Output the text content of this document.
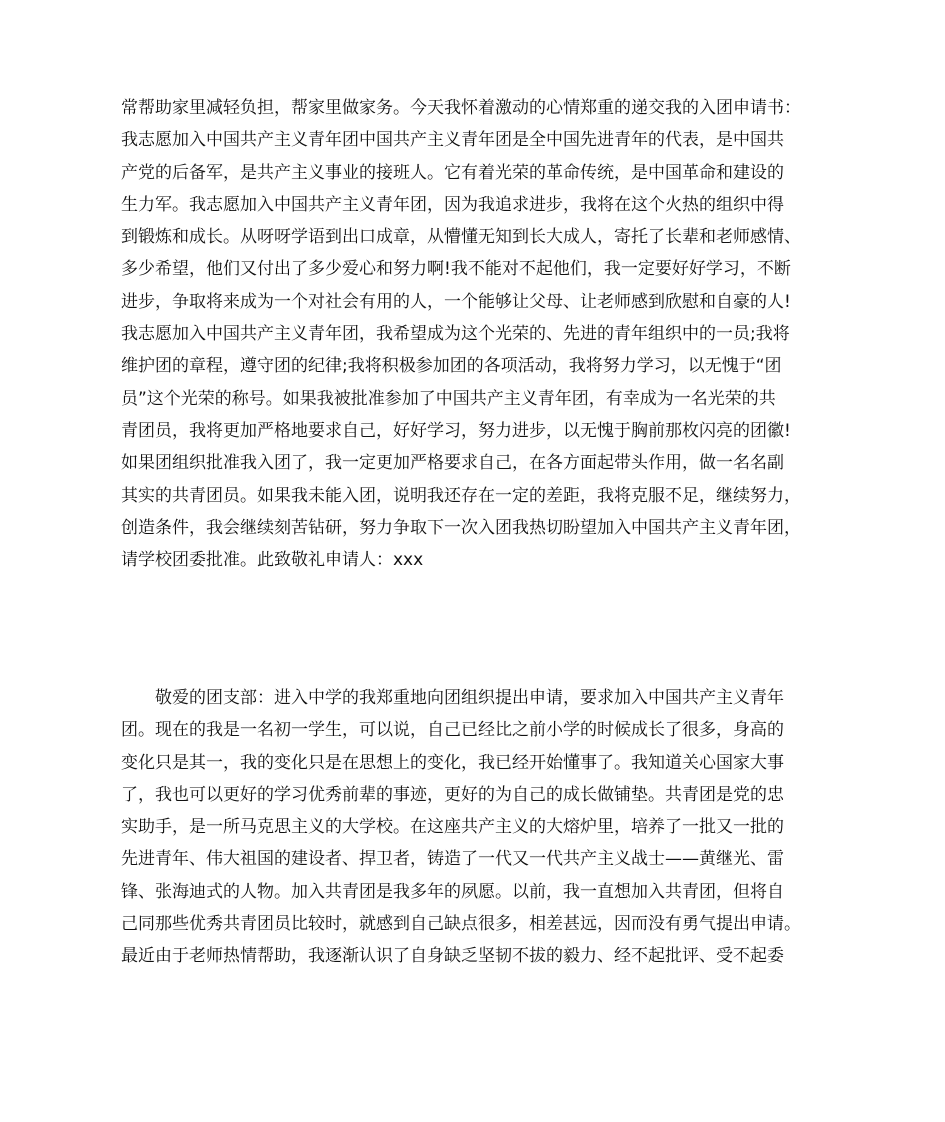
常帮助家里减轻负担，帮家里做家务。今天我怀着激动的心情郑重的递交我的入团申请书：
我志愿加入中国共产主义青年团中国共产主义青年团是全中国先进青年的代表，是中国共
产党的后备军，是共产主义事业的接班人。它有着光荣的革命传统，是中国革命和建设的
生力军。我志愿加入中国共产主义青年团，因为我追求进步，我将在这个火热的组织中得
到锻炼和成长。从呀呀学语到出口成章，从懵懂无知到长大成人，寄托了长辈和老师感情、
多少希望，他们又付出了多少爱心和努力啊!我不能对不起他们，我一定要好好学习，不断
进步，争取将来成为一个对社会有用的人，一个能够让父母、让老师感到欣慰和自豪的人!
我志愿加入中国共产主义青年团，我希望成为这个光荣的、先进的青年组织中的一员;我将
维护团的章程，遵守团的纪律;我将积极参加团的各项活动，我将努力学习，以无愧于“团
员”这个光荣的称号。如果我被批准参加了中国共产主义青年团，有幸成为一名光荣的共
青团员，我将更加严格地要求自己，好好学习，努力进步，以无愧于胸前那枚闪亮的团徽!
如果团组织批准我入团了，我一定更加严格要求自己，在各方面起带头作用，做一名名副
其实的共青团员。如果我未能入团，说明我还存在一定的差距，我将克服不足，继续努力，
创造条件，我会继续刻苦钻研，努力争取下一次入团我热切盼望加入中国共产主义青年团，
请学校团委批准。此致敬礼申请人：xxx
敬爱的团支部：进入中学的我郑重地向团组织提出申请，要求加入中国共产主义青年
团。现在的我是一名初一学生，可以说，自己已经比之前小学的时候成长了很多，身高的
变化只是其一，我的变化只是在思想上的变化，我已经开始懂事了。我知道关心国家大事
了，我也可以更好的学习优秀前辈的事迹，更好的为自己的成长做铺垫。共青团是党的忠
实助手，是一所马克思主义的大学校。在这座共产主义的大熔炉里，培养了一批又一批的
先进青年、伟大祖国的建设者、捍卫者，铸造了一代又一代共产主义战士——黄继光、雷
锋、张海迪式的人物。加入共青团是我多年的夙愿。以前，我一直想加入共青团，但将自
己同那些优秀共青团员比较时，就感到自己缺点很多，相差甚远，因而没有勇气提出申请。
最近由于老师热情帮助，我逐渐认识了自身缺乏坚韧不拔的毅力、经不起批评、受不起委
